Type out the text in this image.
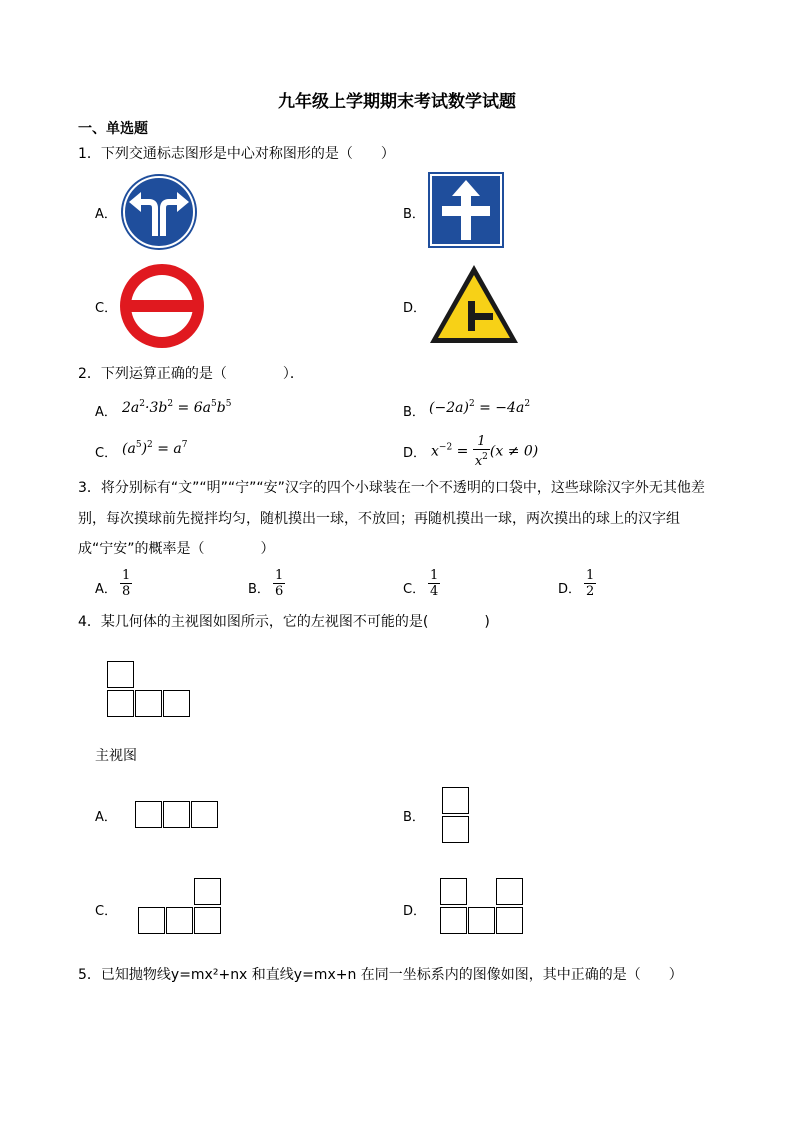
九年级上学期期末考试数学试题
一、单选题
1．下列交通标志图形是中心对称图形的是（　　）
A．	B．
C．	D．
2．下列运算正确的是（　　　　）．
A． $2a^2\cdot 3b^2 = 6a^5b^5$
B． $(-2a)^2 = -4a^2$
C． $(a^5)^2 = a^7$
D． $x^{-2} = \frac{1}{x^2} (x \ne 0)$
3．将分别标有“文”“明”“宁”“安”汉字的四个小球装在一个不透明的口袋中，这些球除汉字外无其他差
别，每次摸球前先搅拌均匀，随机摸出一球，不放回；再随机摸出一球，两次摸出的球上的汉字组
成“宁安”的概率是（　　　　）
A． $\frac{1}{8}$	B． $\frac{1}{6}$	C． $\frac{1}{4}$	D． $\frac{1}{2}$
4．某几何体的主视图如图所示，它的左视图不可能的是(　　　　)
主视图
A．	B．
C．	D．
5．已知抛物线y=mx²+nx 和直线y=mx+n 在同一坐标系内的图像如图，其中正确的是（　　）
